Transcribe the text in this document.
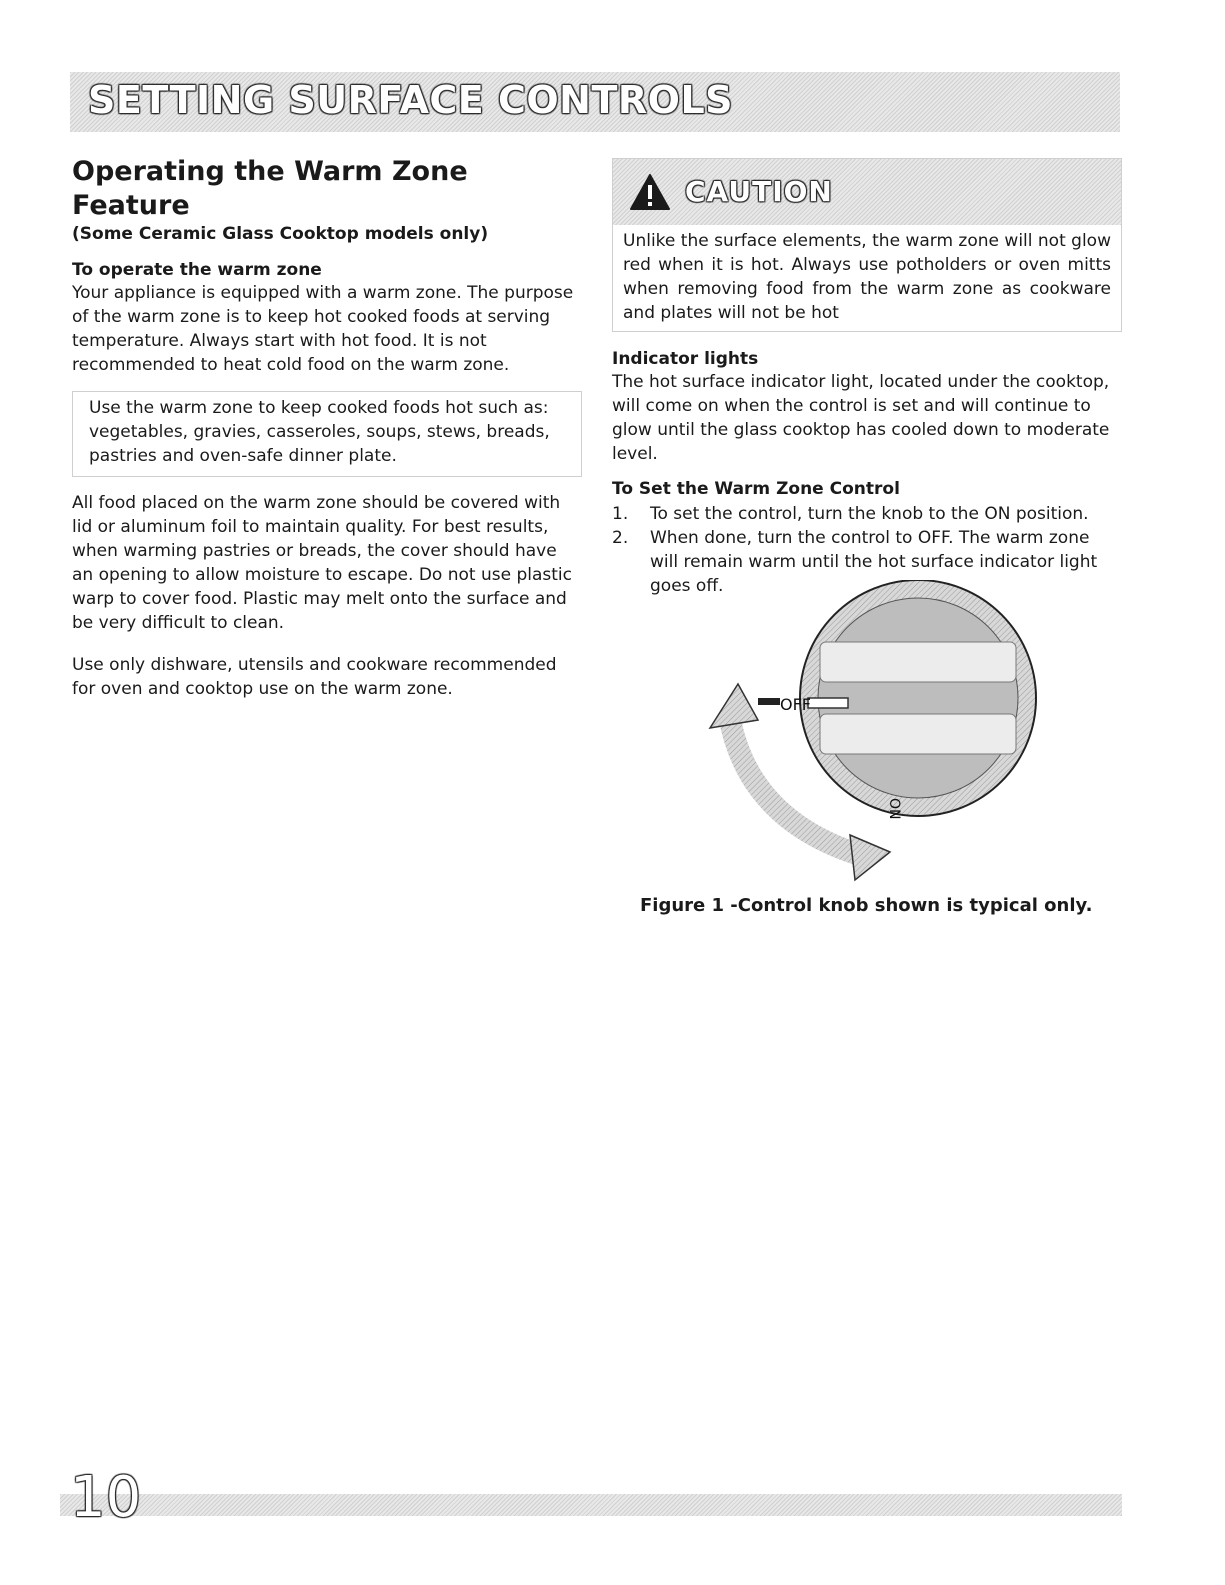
SETTING SURFACE CONTROLS
Operating the Warm Zone Feature
(Some Ceramic Glass Cooktop models only)
To operate the warm zone

Your appliance is equipped with a warm zone. The purpose of the warm zone is to keep hot cooked foods at serving temperature. Always start with hot food. It is not recommended to heat cold food on the warm zone.

Use the warm zone to keep cooked foods hot such as: vegetables, gravies, casseroles, soups, stews, breads, pastries and oven-safe dinner plate.

All food placed on the warm zone should be covered with lid or aluminum foil to maintain quality. For best results, when warming pastries or breads, the cover should have an opening to allow moisture to escape. Do not use plastic warp to cover food. Plastic may melt onto the surface and be very difficult to clean.

Use only dishware, utensils and cookware recommended for oven and cooktop use on the warm zone.

CAUTION
Unlike the surface elements, the warm zone will not glow red when it is hot. Always use potholders or oven mitts when removing food from the warm zone as cookware and plates will not be hot
Indicator lights

The hot surface indicator light, located under the cooktop, will come on when the control is set and will continue to glow until the glass cooktop has cooled down to moderate level.

To Set the Warm Zone Control
1. To set the control, turn the knob to the ON position.
2. When done, turn the control to OFF. The warm zone will remain warm until the hot surface indicator light goes off.
OFF
ON
Figure 1 -Control knob shown is typical only.
10
